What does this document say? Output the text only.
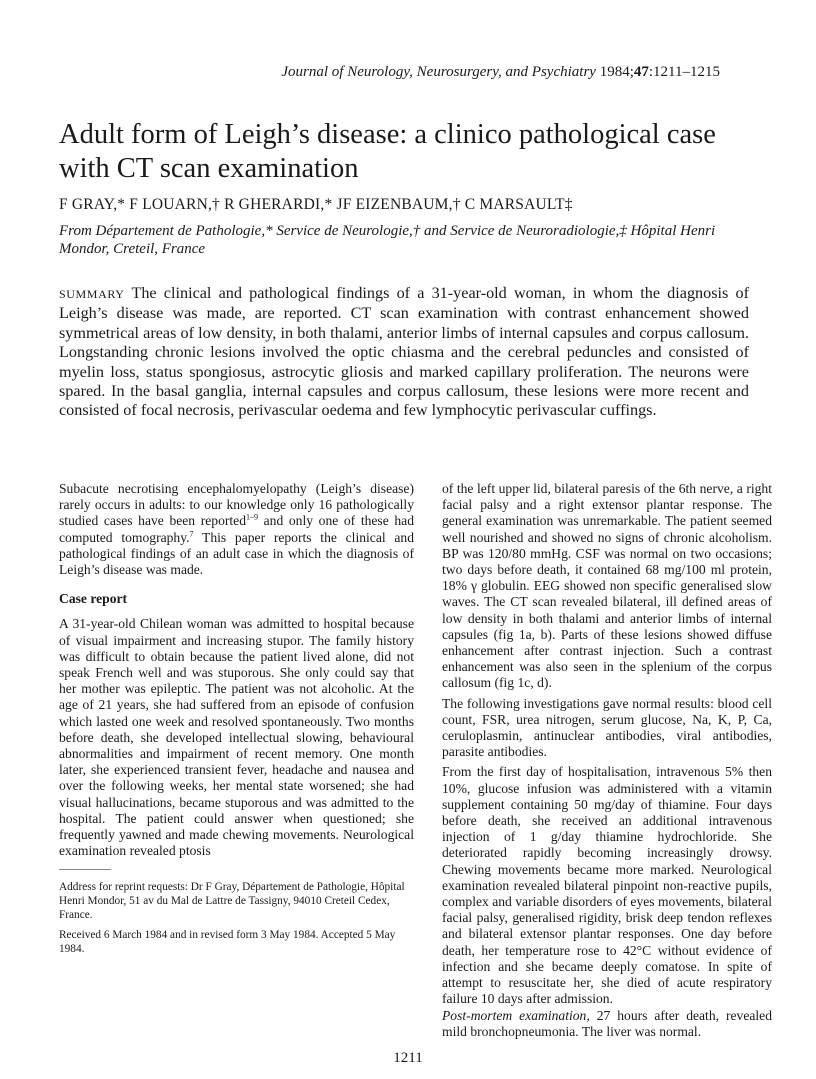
Journal of Neurology, Neurosurgery, and Psychiatry 1984;47:1211–1215
Adult form of Leigh’s disease: a clinico pathological case with CT scan examination
F GRAY,* F LOUARN,† R GHERARDI,* JF EIZENBAUM,† C MARSAULT‡
From Département de Pathologie,* Service de Neurologie,† and Service de Neuroradiologie,‡ Hôpital Henri Mondor, Creteil, France
SUMMARY The clinical and pathological findings of a 31-year-old woman, in whom the diagnosis of Leigh’s disease was made, are reported. CT scan examination with contrast enhancement showed symmetrical areas of low density, in both thalami, anterior limbs of internal capsules and corpus callosum. Longstanding chronic lesions involved the optic chiasma and the cerebral peduncles and consisted of myelin loss, status spongiosus, astrocytic gliosis and marked capillary proliferation. The neurons were spared. In the basal ganglia, internal capsules and corpus callosum, these lesions were more recent and consisted of focal necrosis, perivascular oedema and few lymphocytic perivascular cuffings.

Subacute necrotising encephalomyelopathy (Leigh’s disease) rarely occurs in adults: to our knowledge only 16 pathologically studied cases have been reported$^{1-9}$ and only one of these had computed tomography.$^7$ This paper reports the clinical and pathological findings of an adult case in which the diagnosis of Leigh’s disease was made.

Case report

A 31-year-old Chilean woman was admitted to hospital because of visual impairment and increasing stupor. The family history was difficult to obtain because the patient lived alone, did not speak French well and was stuporous. She only could say that her mother was epileptic. The patient was not alcoholic. At the age of 21 years, she had suffered from an episode of confusion which lasted one week and resolved spontaneously. Two months before death, she developed intellectual slowing, behavioural abnormalities and impairment of recent memory. One month later, she experienced transient fever, headache and nausea and over the following weeks, her mental state worsened; she had visual hallucinations, became stuporous and was admitted to the hospital. The patient could answer when questioned; she frequently yawned and made chewing movements. Neurological examination revealed ptosis

Address for reprint requests: Dr F Gray, Département de Pathologie, Hôpital Henri Mondor, 51 av du Mal de Lattre de Tassigny, 94010 Creteil Cedex, France.

Received 6 March 1984 and in revised form 3 May 1984. Accepted 5 May 1984.

of the left upper lid, bilateral paresis of the 6th nerve, a right facial palsy and a right extensor plantar response. The general examination was unremarkable. The patient seemed well nourished and showed no signs of chronic alcoholism. BP was 120/80 mmHg. CSF was normal on two occasions; two days before death, it contained 68 mg/100 ml protein, 18% γ globulin. EEG showed non specific generalised slow waves. The CT scan revealed bilateral, ill defined areas of low density in both thalami and anterior limbs of internal capsules (fig 1a, b). Parts of these lesions showed diffuse enhancement after contrast injection. Such a contrast enhancement was also seen in the splenium of the corpus callosum (fig 1c, d).

The following investigations gave normal results: blood cell count, FSR, urea nitrogen, serum glucose, Na, K, P, Ca, ceruloplasmin, antinuclear antibodies, viral antibodies, parasite antibodies.

From the first day of hospitalisation, intravenous 5% then 10%, glucose infusion was administered with a vitamin supplement containing 50 mg/day of thiamine. Four days before death, she received an additional intravenous injection of 1 g/day thiamine hydrochloride. She deteriorated rapidly becoming increasingly drowsy. Chewing movements became more marked. Neurological examination revealed bilateral pinpoint non-reactive pupils, complex and variable disorders of eyes movements, bilateral facial palsy, generalised rigidity, brisk deep tendon reflexes and bilateral extensor plantar responses. One day before death, her temperature rose to 42°C without evidence of infection and she became deeply comatose. In spite of attempt to resuscitate her, she died of acute respiratory failure 10 days after admission.

Post-mortem examination, 27 hours after death, revealed mild bronchopneumonia. The liver was normal.

1211
